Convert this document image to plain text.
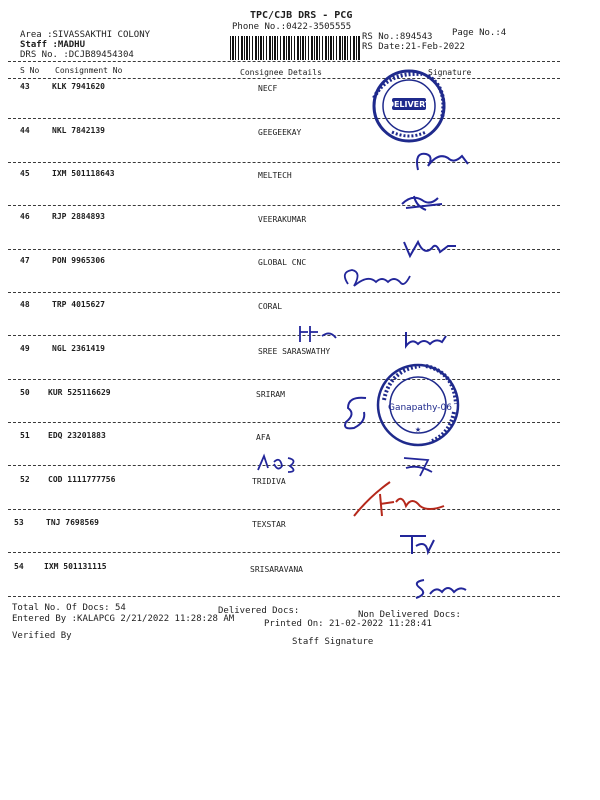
TPC/CJB DRS - PCG
Phone No.:0422-3505555
Area :SIVASSAKTHI COLONY
Staff :MADHU
DRS No. :DCJB89454304
Page No.:4
RS No.:894543
RS Date:21-Feb-2022
S No Consignment No	Consignee Details	Signature
43	KLK 7941620	NECF
44	NKL 7842139	GEEGEEKAY
45	IXM 501118643	MELTECH
46	RJP 2884893	VEERAKUMAR
47	PON 9965306	GLOBAL CNC
48	TRP 4015627	CORAL
49	NGL 2361419	SREE SARASWATHY
50 KUR 525116629	SRIRAM
51 EDQ 23201883	AFA
52 COD 1111777756	TRIDIVA
53	TNJ 7698569	TEXSTAR
54	IXM 501131115	SRISARAVANA
DELIVERY
Ganapathy-06
★
Total No. Of Docs: 54	Delivered Docs:	Non Delivered Docs:
Entered By :KALAPCG 2/21/2022 11:28:28 AM	Printed On: 21-02-2022 11:28:41
Verified By
Staff Signature
